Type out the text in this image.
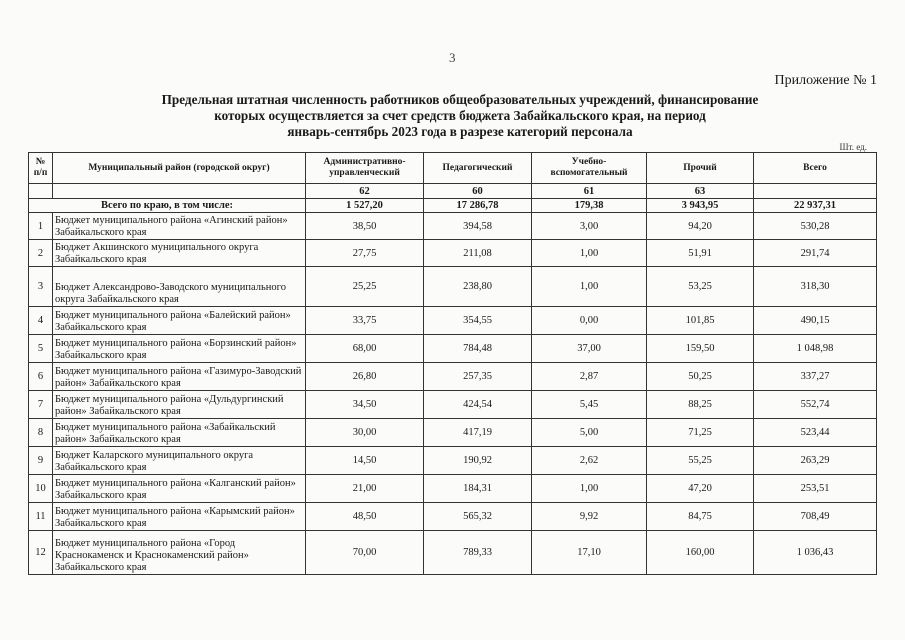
3
Приложение № 1
Предельная штатная численность работников общеобразовательных учреждений, финансирование
которых осуществляется за счет средств бюджета Забайкальского края, на период
январь-сентябрь 2023 года в разрезе категорий персонала
Шт. ед.
№ п/п	Муниципальный район (городской округ)	Административно-управленческий	Педагогический	Учебно-вспомогательный	Прочий	Всего
		62	60	61	63	
Всего по краю, в том числе:		1 527,20	17 286,78	179,38	3 943,95	22 937,31
1	Бюджет муниципального района «Агинский район» Забайкальского края	38,50	394,58	3,00	94,20	530,28
2	Бюджет Акшинского муниципального округа Забайкальского края	27,75	211,08	1,00	51,91	291,74
3	Бюджет Александрово-Заводского муниципального округа Забайкальского края	25,25	238,80	1,00	53,25	318,30
4	Бюджет муниципального района «Балейский район» Забайкальского края	33,75	354,55	0,00	101,85	490,15
5	Бюджет муниципального района «Борзинский район» Забайкальского края	68,00	784,48	37,00	159,50	1 048,98
6	Бюджет муниципального района «Газимуро-Заводский район» Забайкальского края	26,80	257,35	2,87	50,25	337,27
7	Бюджет муниципального района «Дульдургинский район» Забайкальского края	34,50	424,54	5,45	88,25	552,74
8	Бюджет муниципального района «Забайкальский район» Забайкальского края	30,00	417,19	5,00	71,25	523,44
9	Бюджет Каларского муниципального округа Забайкальского края	14,50	190,92	2,62	55,25	263,29
10	Бюджет муниципального района «Калганский район» Забайкальского края	21,00	184,31	1,00	47,20	253,51
11	Бюджет муниципального района «Карымский район» Забайкальского края	48,50	565,32	9,92	84,75	708,49
12	Бюджет муниципального района «Город Краснокаменск и Краснокаменский район» Забайкальского края	70,00	789,33	17,10	160,00	1 036,43
